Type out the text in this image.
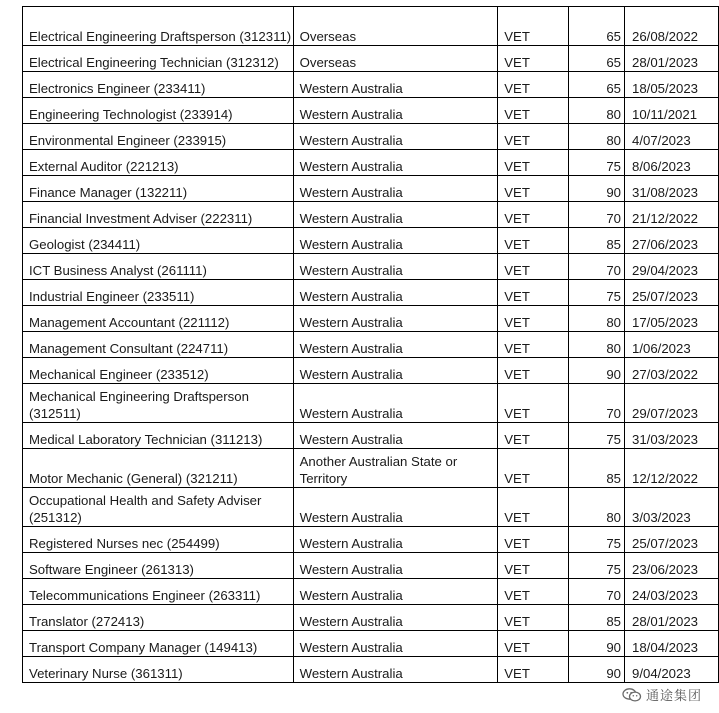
Electrical Engineering Draftsperson (312311)	Overseas	VET	65	26/08/2022
Electrical Engineering Technician (312312)	Overseas	VET	65	28/01/2023
Electronics Engineer (233411)	Western Australia	VET	65	18/05/2023
Engineering Technologist (233914)	Western Australia	VET	80	10/11/2021
Environmental Engineer (233915)	Western Australia	VET	80	4/07/2023
External Auditor (221213)	Western Australia	VET	75	8/06/2023
Finance Manager (132211)	Western Australia	VET	90	31/08/2023
Financial Investment Adviser (222311)	Western Australia	VET	70	21/12/2022
Geologist (234411)	Western Australia	VET	85	27/06/2023
ICT Business Analyst (261111)	Western Australia	VET	70	29/04/2023
Industrial Engineer (233511)	Western Australia	VET	75	25/07/2023
Management Accountant (221112)	Western Australia	VET	80	17/05/2023
Management Consultant (224711)	Western Australia	VET	80	1/06/2023
Mechanical Engineer (233512)	Western Australia	VET	90	27/03/2022
Mechanical Engineering Draftsperson (312511)	Western Australia	VET	70	29/07/2023
Medical Laboratory Technician (311213)	Western Australia	VET	75	31/03/2023
Motor Mechanic (General) (321211)	Another Australian State or Territory	VET	85	12/12/2022
Occupational Health and Safety Adviser (251312)	Western Australia	VET	80	3/03/2023
Registered Nurses nec (254499)	Western Australia	VET	75	25/07/2023
Software Engineer (261313)	Western Australia	VET	75	23/06/2023
Telecommunications Engineer (263311)	Western Australia	VET	70	24/03/2023
Translator (272413)	Western Australia	VET	85	28/01/2023
Transport Company Manager (149413)	Western Australia	VET	90	18/04/2023
Veterinary Nurse (361311)	Western Australia	VET	90	9/04/2023
通途集团
